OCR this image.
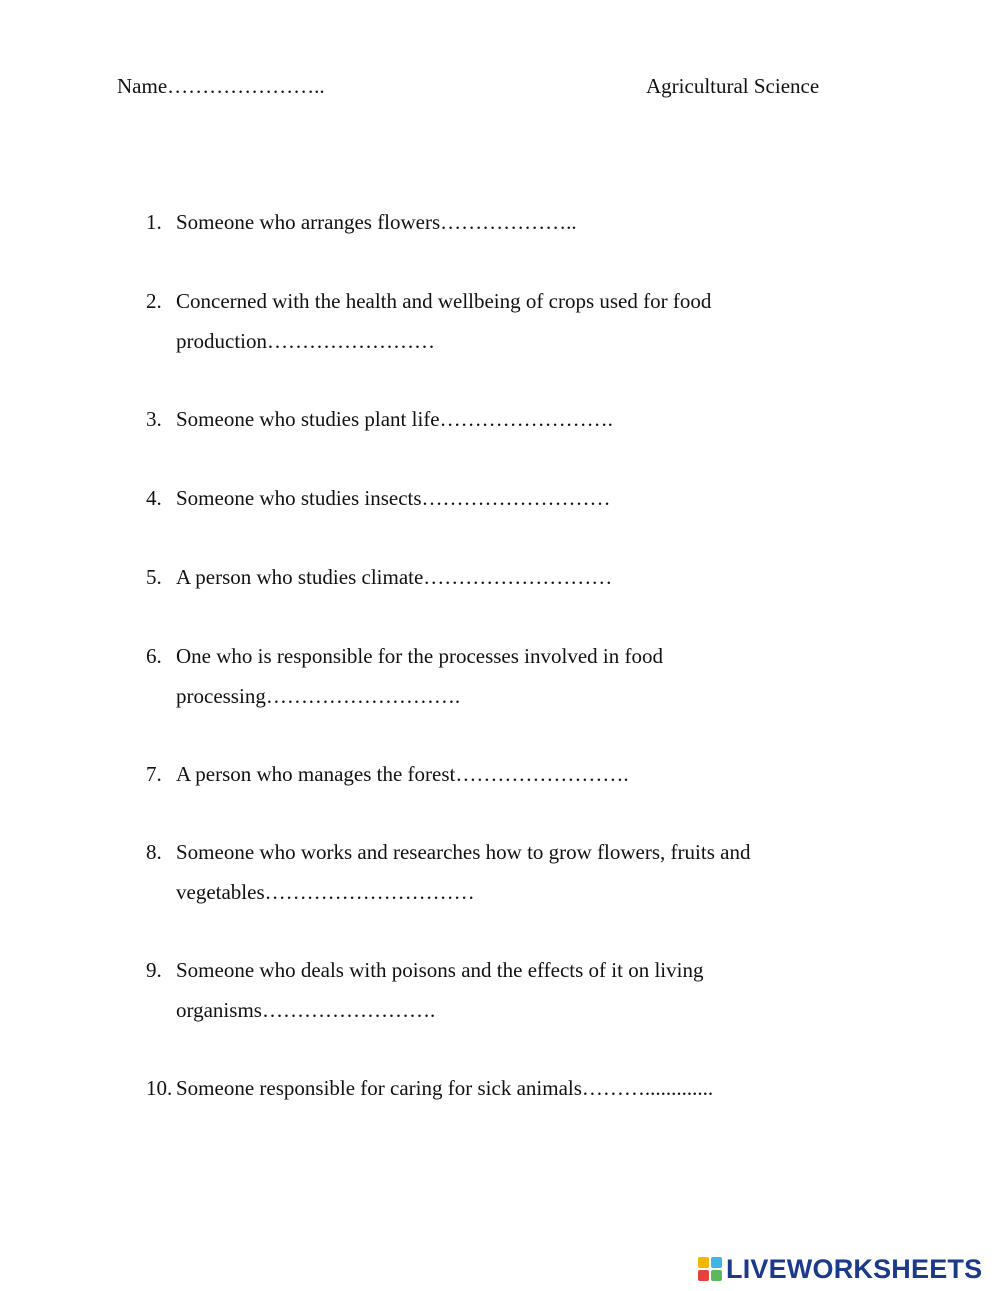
Name…………………..	Agricultural Science
1. Someone who arranges flowers………………..
2. Concerned with the health and wellbeing of crops used for food
production……………………
3. Someone who studies plant life…………………….
4. Someone who studies insects………………………
5. A person who studies climate………………………
6. One who is responsible for the processes involved in food
processing……………………….
7. A person who manages the forest…………………….
8. Someone who works and researches how to grow flowers, fruits and
vegetables…………………………
9. Someone who deals with poisons and the effects of it on living
organisms…………………….
10. Someone responsible for caring for sick animals……….............
LIVEWORKSHEETS
